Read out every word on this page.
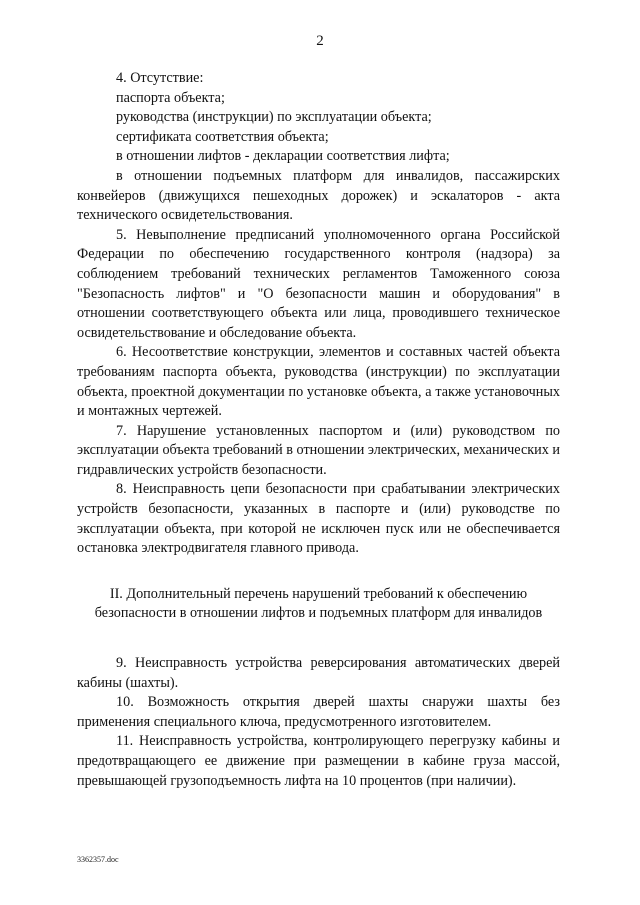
2

4. Отсутствие:

паспорта объекта;

руководства (инструкции) по эксплуатации объекта;

сертификата соответствия объекта;

в отношении лифтов - декларации соответствия лифта;

в отношении подъемных платформ для инвалидов, пассажирских конвейеров (движущихся пешеходных дорожек) и эскалаторов - акта технического освидетельствования.

5. Невыполнение предписаний уполномоченного органа Российской Федерации по обеспечению государственного контроля (надзора) за соблюдением требований технических регламентов Таможенного союза "Безопасность лифтов" и "О безопасности машин и оборудования" в отношении соответствующего объекта или лица, проводившего техническое освидетельствование и обследование объекта.

6. Несоответствие конструкции, элементов и составных частей объекта требованиям паспорта объекта, руководства (инструкции) по эксплуатации объекта, проектной документации по установке объекта, а также установочных и монтажных чертежей.

7. Нарушение установленных паспортом и (или) руководством по эксплуатации объекта требований в отношении электрических, механических и гидравлических устройств безопасности.

8. Неисправность цепи безопасности при срабатывании электрических устройств безопасности, указанных в паспорте и (или) руководстве по эксплуатации объекта, при которой не исключен пуск или не обеспечивается остановка электродвигателя главного привода.

II. Дополнительный перечень нарушений требований к обеспечению
безопасности в отношении лифтов и подъемных платформ для инвалидов

9. Неисправность устройства реверсирования автоматических дверей кабины (шахты).

10. Возможность открытия дверей шахты снаружи шахты без применения специального ключа, предусмотренного изготовителем.

11. Неисправность устройства, контролирующего перегрузку кабины и предотвращающего ее движение при размещении в кабине груза массой, превышающей грузоподъемность лифта на 10 процентов (при наличии).

3362357.doc
